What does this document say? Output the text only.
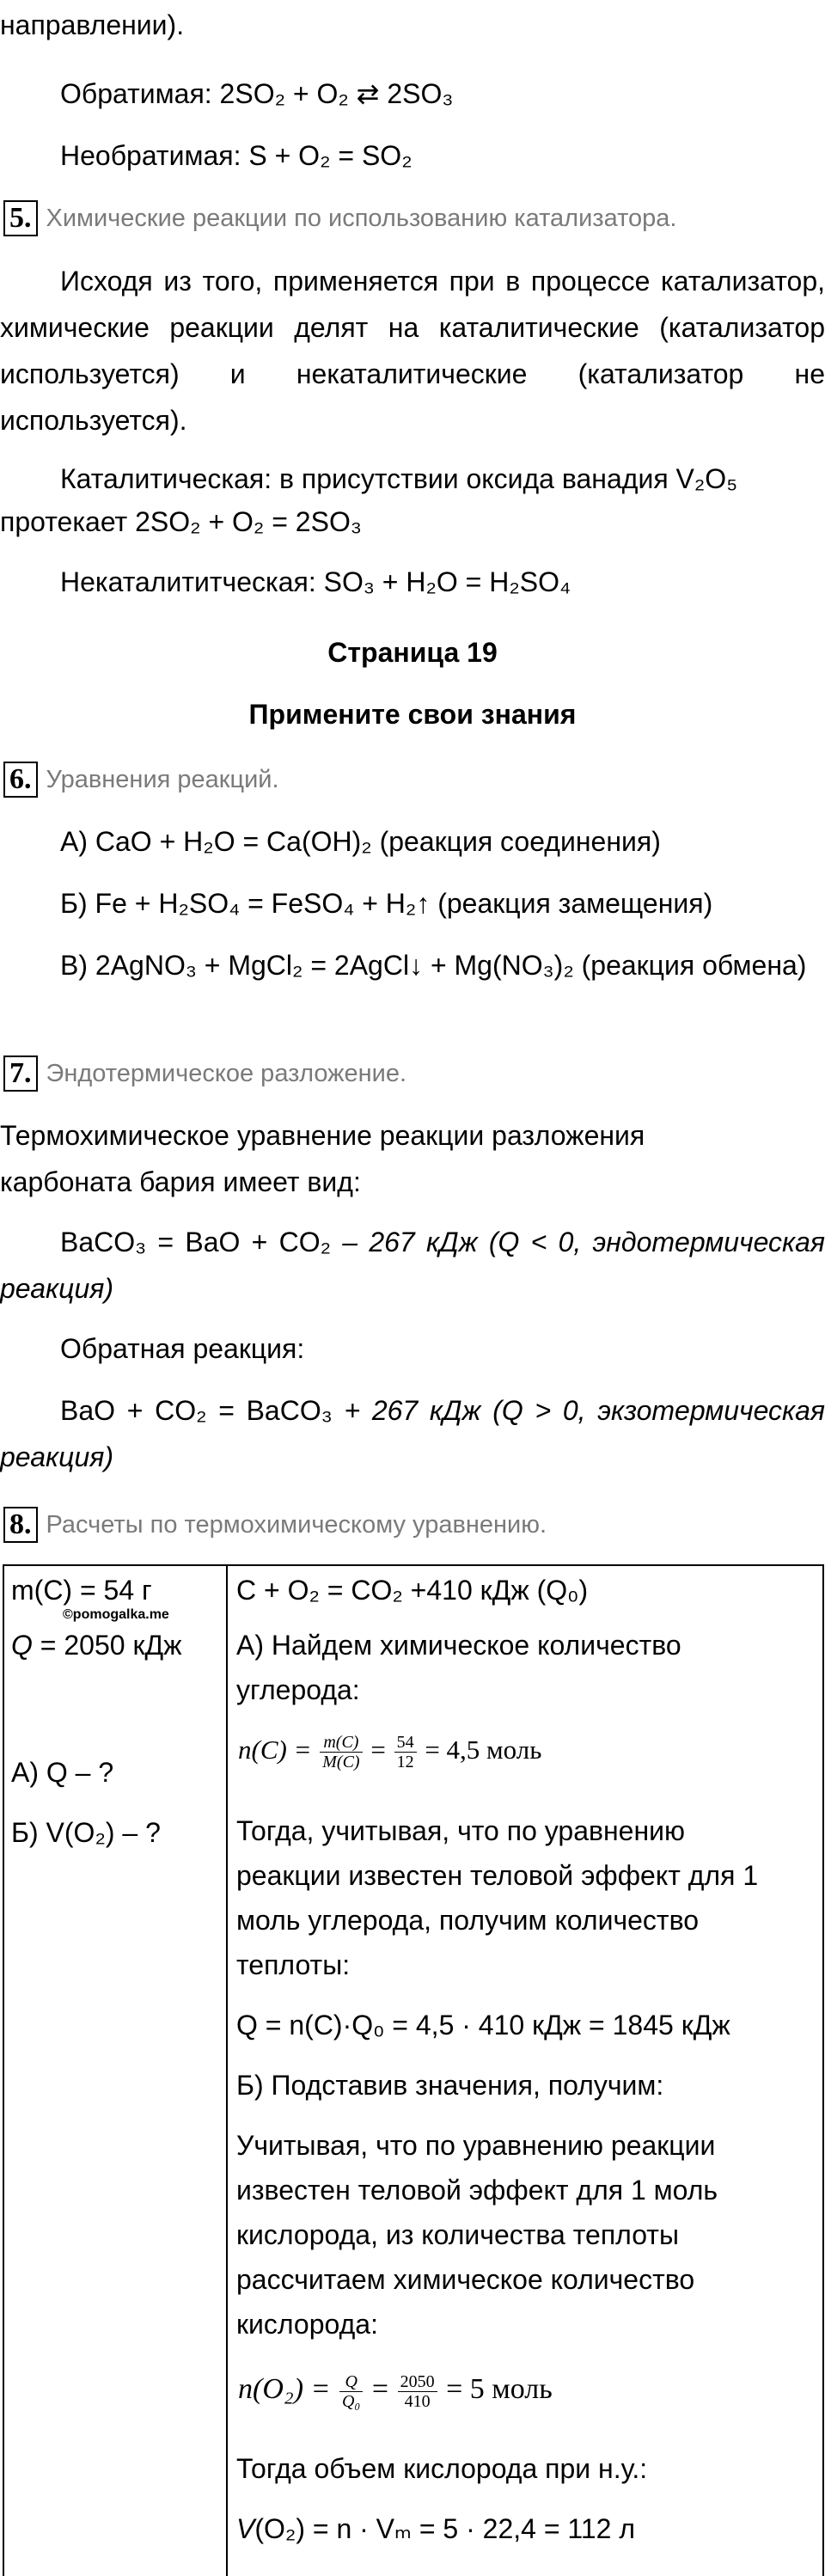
направлении).
Обратимая: 2SO₂ + O₂ ⇄ 2SO₃
Необратимая: S + O₂ = SO₂
5. Химические реакции по использованию катализатора.
Исходя из того, применяется при в процессе катализатор, химические реакции делят на каталитические (катализатор используется) и некаталитические (катализатор не используется).
Каталитическая: в присутствии оксида ванадия V₂O₅
протекает 2SO₂ + O₂ = 2SO₃
Некаталититческая: SO₃ + H₂O = H₂SO₄
Страница 19
Примените свои знания
6. Уравнения реакций.
А) CaO + H₂O = Ca(OH)₂ (реакция соединения)
Б) Fe + H₂SO₄ = FeSO₄ + H₂↑ (реакция замещения)
В) 2AgNO₃ + MgCl₂ = 2AgCl↓ + Mg(NO₃)₂ (реакция обмена)
7. Эндотермическое разложение.
Термохимическое уравнение реакции разложения карбоната бария имеет вид:
BaCO₃ = BaO + CO₂ – 267 кДж (Q < 0, эндотермическая реакция)
Обратная реакция:
BaO + CO₂ = BaCO₃ + 267 кДж (Q > 0, экзотермическая реакция)
8. Расчеты по термохимическому уравнению.
m(C) = 54 г
©pomogalka.me
Q = 2050 кДж
А) Q – ?
Б) V(O₂) – ?
C + O₂ = CO₂ +410 кДж (Q₀)
А) Найдем химическое количество
углерода:
$n(C) = \frac{m(C)}{M(C)} = \frac{54}{12} = 4,5$ моль
Тогда, учитывая, что по уравнению
реакции известен теловой эффект для 1
моль углерода, получим количество
теплоты:
Q = n(C)·Q₀ = 4,5 · 410 кДж = 1845 кДж
Б) Подставив значения, получим:
Учитывая, что по уравнению реакции
известен теловой эффект для 1 моль
кислорода, из количества теплоты
рассчитаем химическое количество
кислорода:
$n(O_2) = \frac{Q}{\text{Q₀}} = \frac{2050}{410} = 5$ моль
Тогда объем кислорода при н.у.:
V(O₂) = n · Vₘ = 5 · 22,4 = 112 л
